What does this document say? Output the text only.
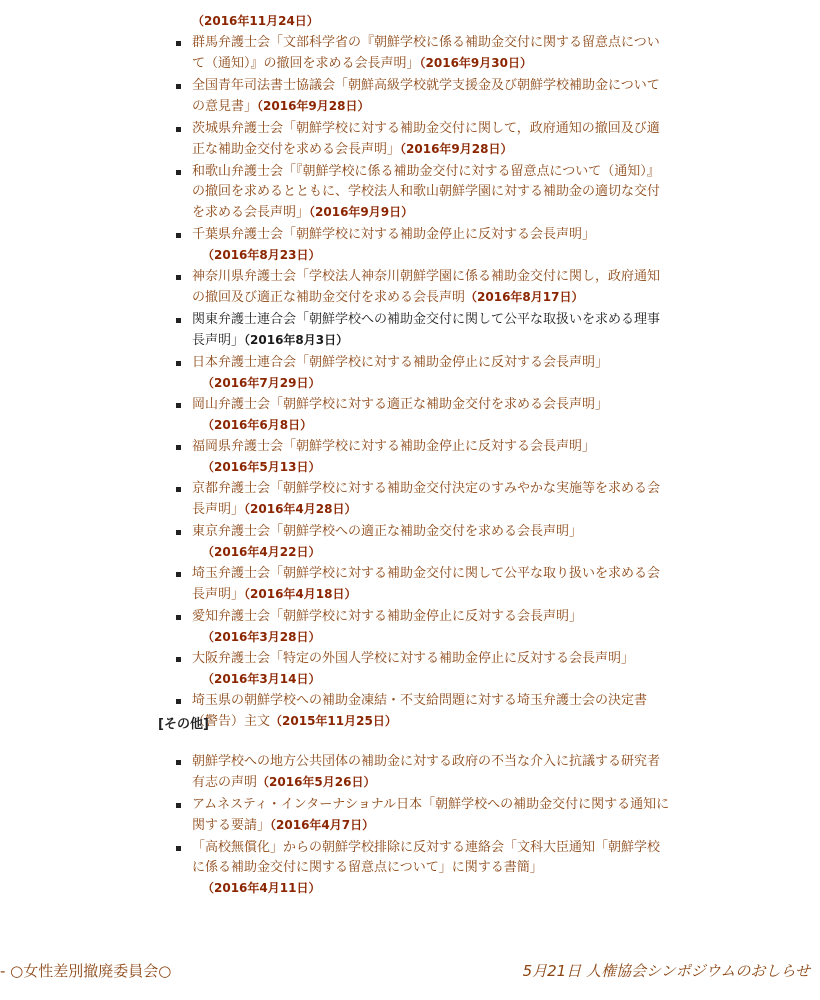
（2016年11月24日）
群馬弁護士会「文部科学省の『朝鮮学校に係る補助金交付に関する留意点について（通知）』の撤回を求める会長声明」（2016年9月30日）
全国青年司法書士協議会「朝鮮高級学校就学支援金及び朝鮮学校補助金についての意見書」（2016年9月28日）
茨城県弁護士会「朝鮮学校に対する補助金交付に関して，政府通知の撤回及び適正な補助金交付を求める会長声明」（2016年9月28日）
和歌山弁護士会「『朝鮮学校に係る補助金交付に対する留意点について（通知）』の撤回を求めるとともに、学校法人和歌山朝鮮学園に対する補助金の適切な交付を求める会長声明」（2016年9月9日）
千葉県弁護士会「朝鮮学校に対する補助金停止に反対する会長声明」
（2016年8月23日）
神奈川県弁護士会「学校法人神奈川朝鮮学園に係る補助金交付に関し，政府通知の撤回及び適正な補助金交付を求める会長声明（2016年8月17日）
関東弁護士連合会「朝鮮学校への補助金交付に関して公平な取扱いを求める理事長声明」（2016年8月3日）
日本弁護士連合会「朝鮮学校に対する補助金停止に反対する会長声明」
（2016年7月29日）
岡山弁護士会「朝鮮学校に対する適正な補助金交付を求める会長声明」
（2016年6月8日）
福岡県弁護士会「朝鮮学校に対する補助金停止に反対する会長声明」
（2016年5月13日）
京都弁護士会「朝鮮学校に対する補助金交付決定のすみやかな実施等を求める会長声明」（2016年4月28日）
東京弁護士会「朝鮮学校への適正な補助金交付を求める会長声明」
（2016年4月22日）
埼玉弁護士会「朝鮮学校に対する補助金交付に関して公平な取り扱いを求める会長声明」（2016年4月18日）
愛知弁護士会「朝鮮学校に対する補助金停止に反対する会長声明」
（2016年3月28日）
大阪弁護士会「特定の外国人学校に対する補助金停止に反対する会長声明」
（2016年3月14日）
埼玉県の朝鮮学校への補助金凍結・不支給問題に対する埼玉弁護士会の決定書（警告）主文（2015年11月25日）
[その他]
朝鮮学校への地方公共団体の補助金に対する政府の不当な介入に抗議する研究者有志の声明（2016年5月26日）
アムネスティ・インターナショナル日本「朝鮮学校への補助金交付に関する通知に関する要請」（2016年4月7日）
「高校無償化」からの朝鮮学校排除に反対する連絡会「文科大臣通知「朝鮮学校に係る補助金交付に関する留意点について」に関する書簡」
（2016年4月11日）
- ○女性差別撤廃委員会○	5月21日 人権協会シンポジウムのおしらせ
